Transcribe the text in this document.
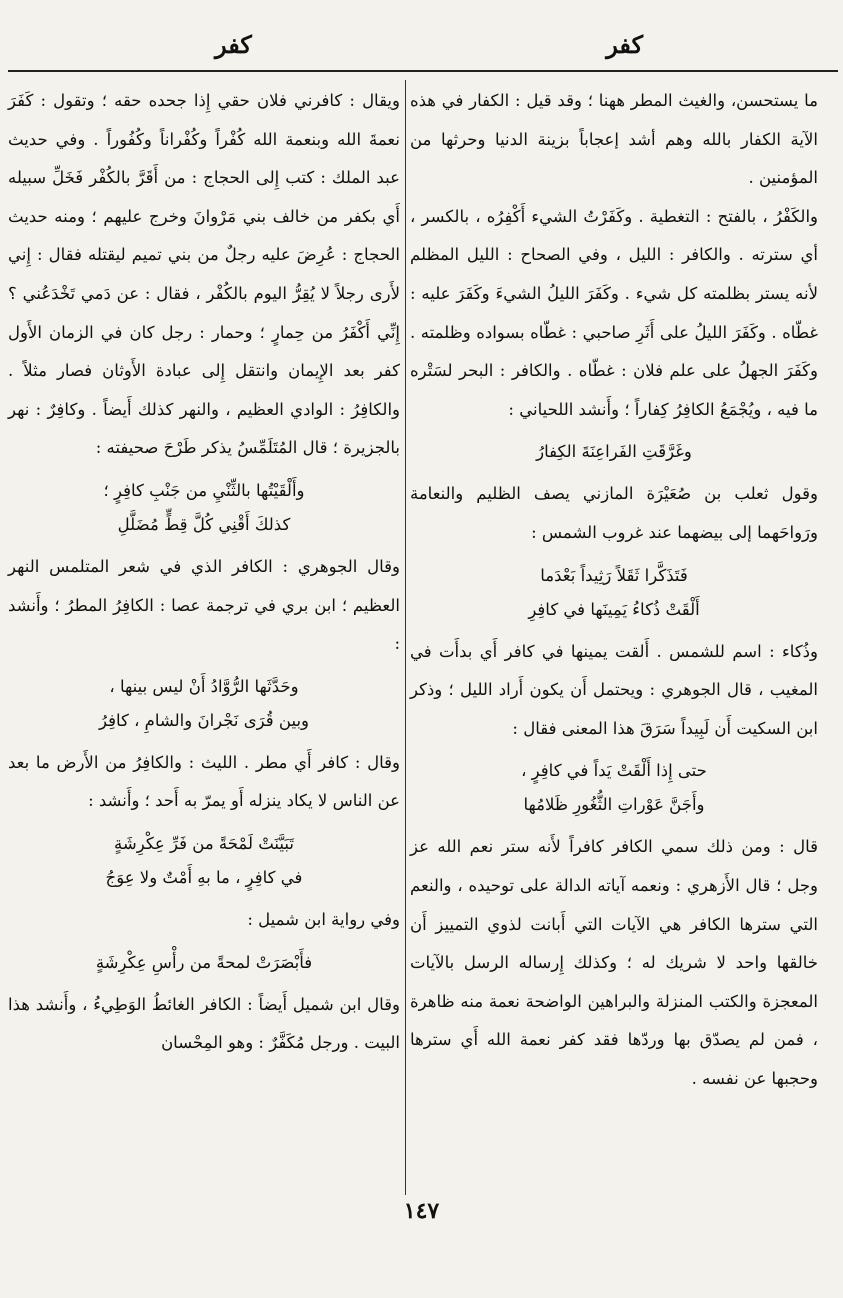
كفر
كفر

ما يستحسن، والغيث المطر ههنا ؛ وقد قيل : الكفار في هذه الآية الكفار بالله وهم أشد إعجاباً بزينة الدنيا وحرثها من المؤمنين .

والكَفْرُ ، بالفتح : التغطية . وكَفَرْتُ الشيء أَكْفِرُه ، بالكسر ، أي سترته . والكافر : الليل ، وفي الصحاح : الليل المظلم لأنه يستر بظلمته كل شيء . وكَفَرَ الليلُ الشيءَ وكَفَرَ عليه : غطّاه . وكَفَرَ الليلُ على أَثَرِ صاحبي : غطّاه بسواده وظلمته . وكَفَرَ الجهلُ على علم فلان : غطّاه . والكافر : البحر لسَتْره ما فيه ، ويُجْمَعُ الكافِرُ كِفاراً ؛ وأَنشد اللحياني :

وغَرَّقَتِ الفَراعِنَةَ الكِفارُ

وقول ثعلب بن صُعَيْرَة المازني يصف الظليم والنعامة ورَواحَهما إلى بيضهما عند غروب الشمس :

فَتَذَكَّرا ثَقَلاً رَثِيداً بَعْدَما
أَلْقَتْ ذُكاءُ يَمِينَها في كافِرِ

وذُكاء : اسم للشمس . أَلقت يمينها في كافر أَي بدأَت في المغيب ، قال الجوهري : ويحتمل أَن يكون أَراد الليل ؛ وذكر ابن السكيت أَن لَبِيداً سَرَقَ هذا المعنى فقال :

حتى إِذا أَلْقَتْ يَداً في كافِرٍ ،
وأَجَنَّ عَوْراتِ الثُّغُورِ ظَلامُها

قال : ومن ذلك سمي الكافر كافراً لأَنه ستر نعم الله عز وجل ؛ قال الأَزهري : ونعمه آياته الدالة على توحيده ، والنعم التي سترها الكافر هي الآيات التي أَبانت لذوي التمييز أَن خالقها واحد لا شريك له ؛ وكذلك إِرساله الرسل بالآيات المعجزة والكتب المنزلة والبراهين الواضحة نعمة منه ظاهرة ، فمن لم يصدّق بها وردّها فقد كفر نعمة الله أَي سترها وحجبها عن نفسه .

ويقال : كافرني فلان حقي إِذا جحده حقه ؛ وتقول : كَفَرَ نعمةَ الله وبنعمة الله كُفْراً وكُفْراناً وكُفُوراً . وفي حديث عبد الملك : كتب إِلى الحجاج : من أَقَرَّ بالكُفْر فَخَلِّ سبيله أَي بكفر من خالف بني مَرْوانَ وخرج عليهم ؛ ومنه حديث الحجاج : عُرِضَ عليه رجلٌ من بني تميم ليقتله فقال : إِني لأَرى رجلاً لا يُقِرُّ اليوم بالكُفْر ، فقال : عن دَمي تَخْدَعُني ؟ إِنِّي أَكْفَرُ من حِمارٍ ؛ وحمار : رجل كان في الزمان الأَول كفر بعد الإِيمان وانتقل إِلى عبادة الأَوثان فصار مثلاً . والكافِرُ : الوادي العظيم ، والنهر كذلك أَيضاً . وكافِرٌ : نهر بالجزيرة ؛ قال المُتَلَمِّسُ يذكر طَرْحَ صحيفته :

وأَلْقَيْتُها بالثِّنْيِ من جَنْبِ كافِرٍ ؛
كذلكَ أَقْنِي كُلَّ قِطٍّ مُضَلَّلِ

وقال الجوهري : الكافر الذي في شعر المتلمس النهر العظيم ؛ ابن بري في ترجمة عصا : الكافِرُ المطرُ ؛ وأَنشد :

وحَدَّثَها الرُّوَّادُ أَنْ ليس بينها ،
وبين قُرَى نَجْرانَ والشامِ ، كافِرُ

وقال : كافر أَي مطر . الليث : والكافِرُ من الأَرض ما بعد عن الناس لا يكاد ينزله أَو يمرّ به أَحد ؛ وأَنشد :

تَبَيَّنَتْ لَمْحَةً من فَرِّ عِكْرِشَةٍ
في كافِرٍ ، ما بهِ أَمْتٌ ولا عِوَجُ

وفي رواية ابن شميل :

فأَبْصَرَتْ لمحةً من رأْسِ عِكْرِشَةٍ

وقال ابن شميل أَيضاً : الكافر الغائطُ الوَطِيءُ ، وأَنشد هذا البيت . ورجل مُكَفَّرٌ : وهو المِحْسان

١٤٧
